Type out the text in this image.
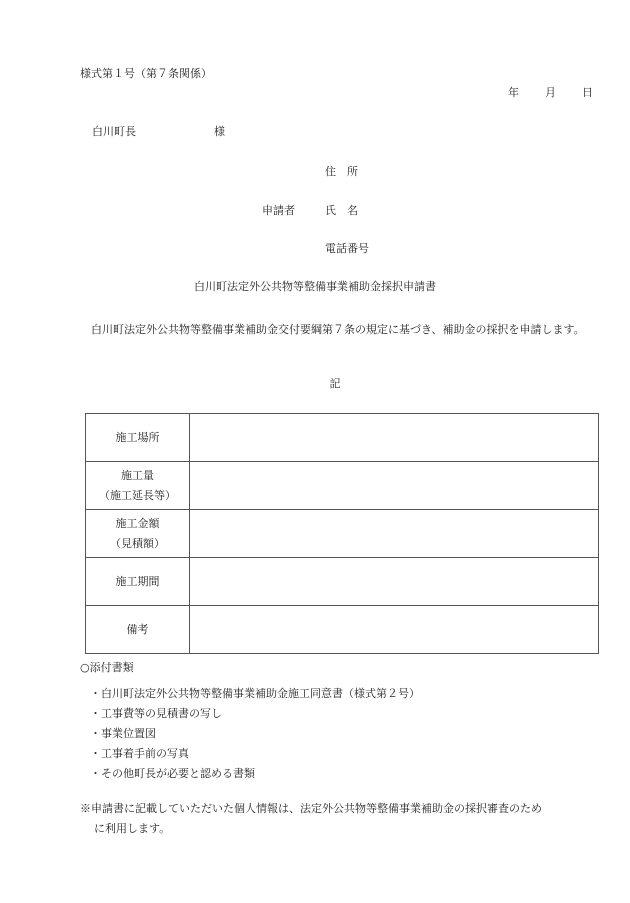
様式第１号（第７条関係）
年 月 日
白川町長	様
住　所
申請者	氏　名
電話番号
白川町法定外公共物等整備事業補助金採択申請書
白川町法定外公共物等整備事業補助金交付要綱第７条の規定に基づき、補助金の採択を申請します。
記
施工場所	

施工量
（施工延長等）	

施工金額
（見積額）	

施工期間	

備考	

○添付書類
・白川町法定外公共物等整備事業補助金施工同意書（様式第２号）
・工事費等の見積書の写し
・事業位置図
・工事着手前の写真
・その他町長が必要と認める書類
※申請書に記載していただいた個人情報は、法定外公共物等整備事業補助金の採択審査のため
に利用します。
